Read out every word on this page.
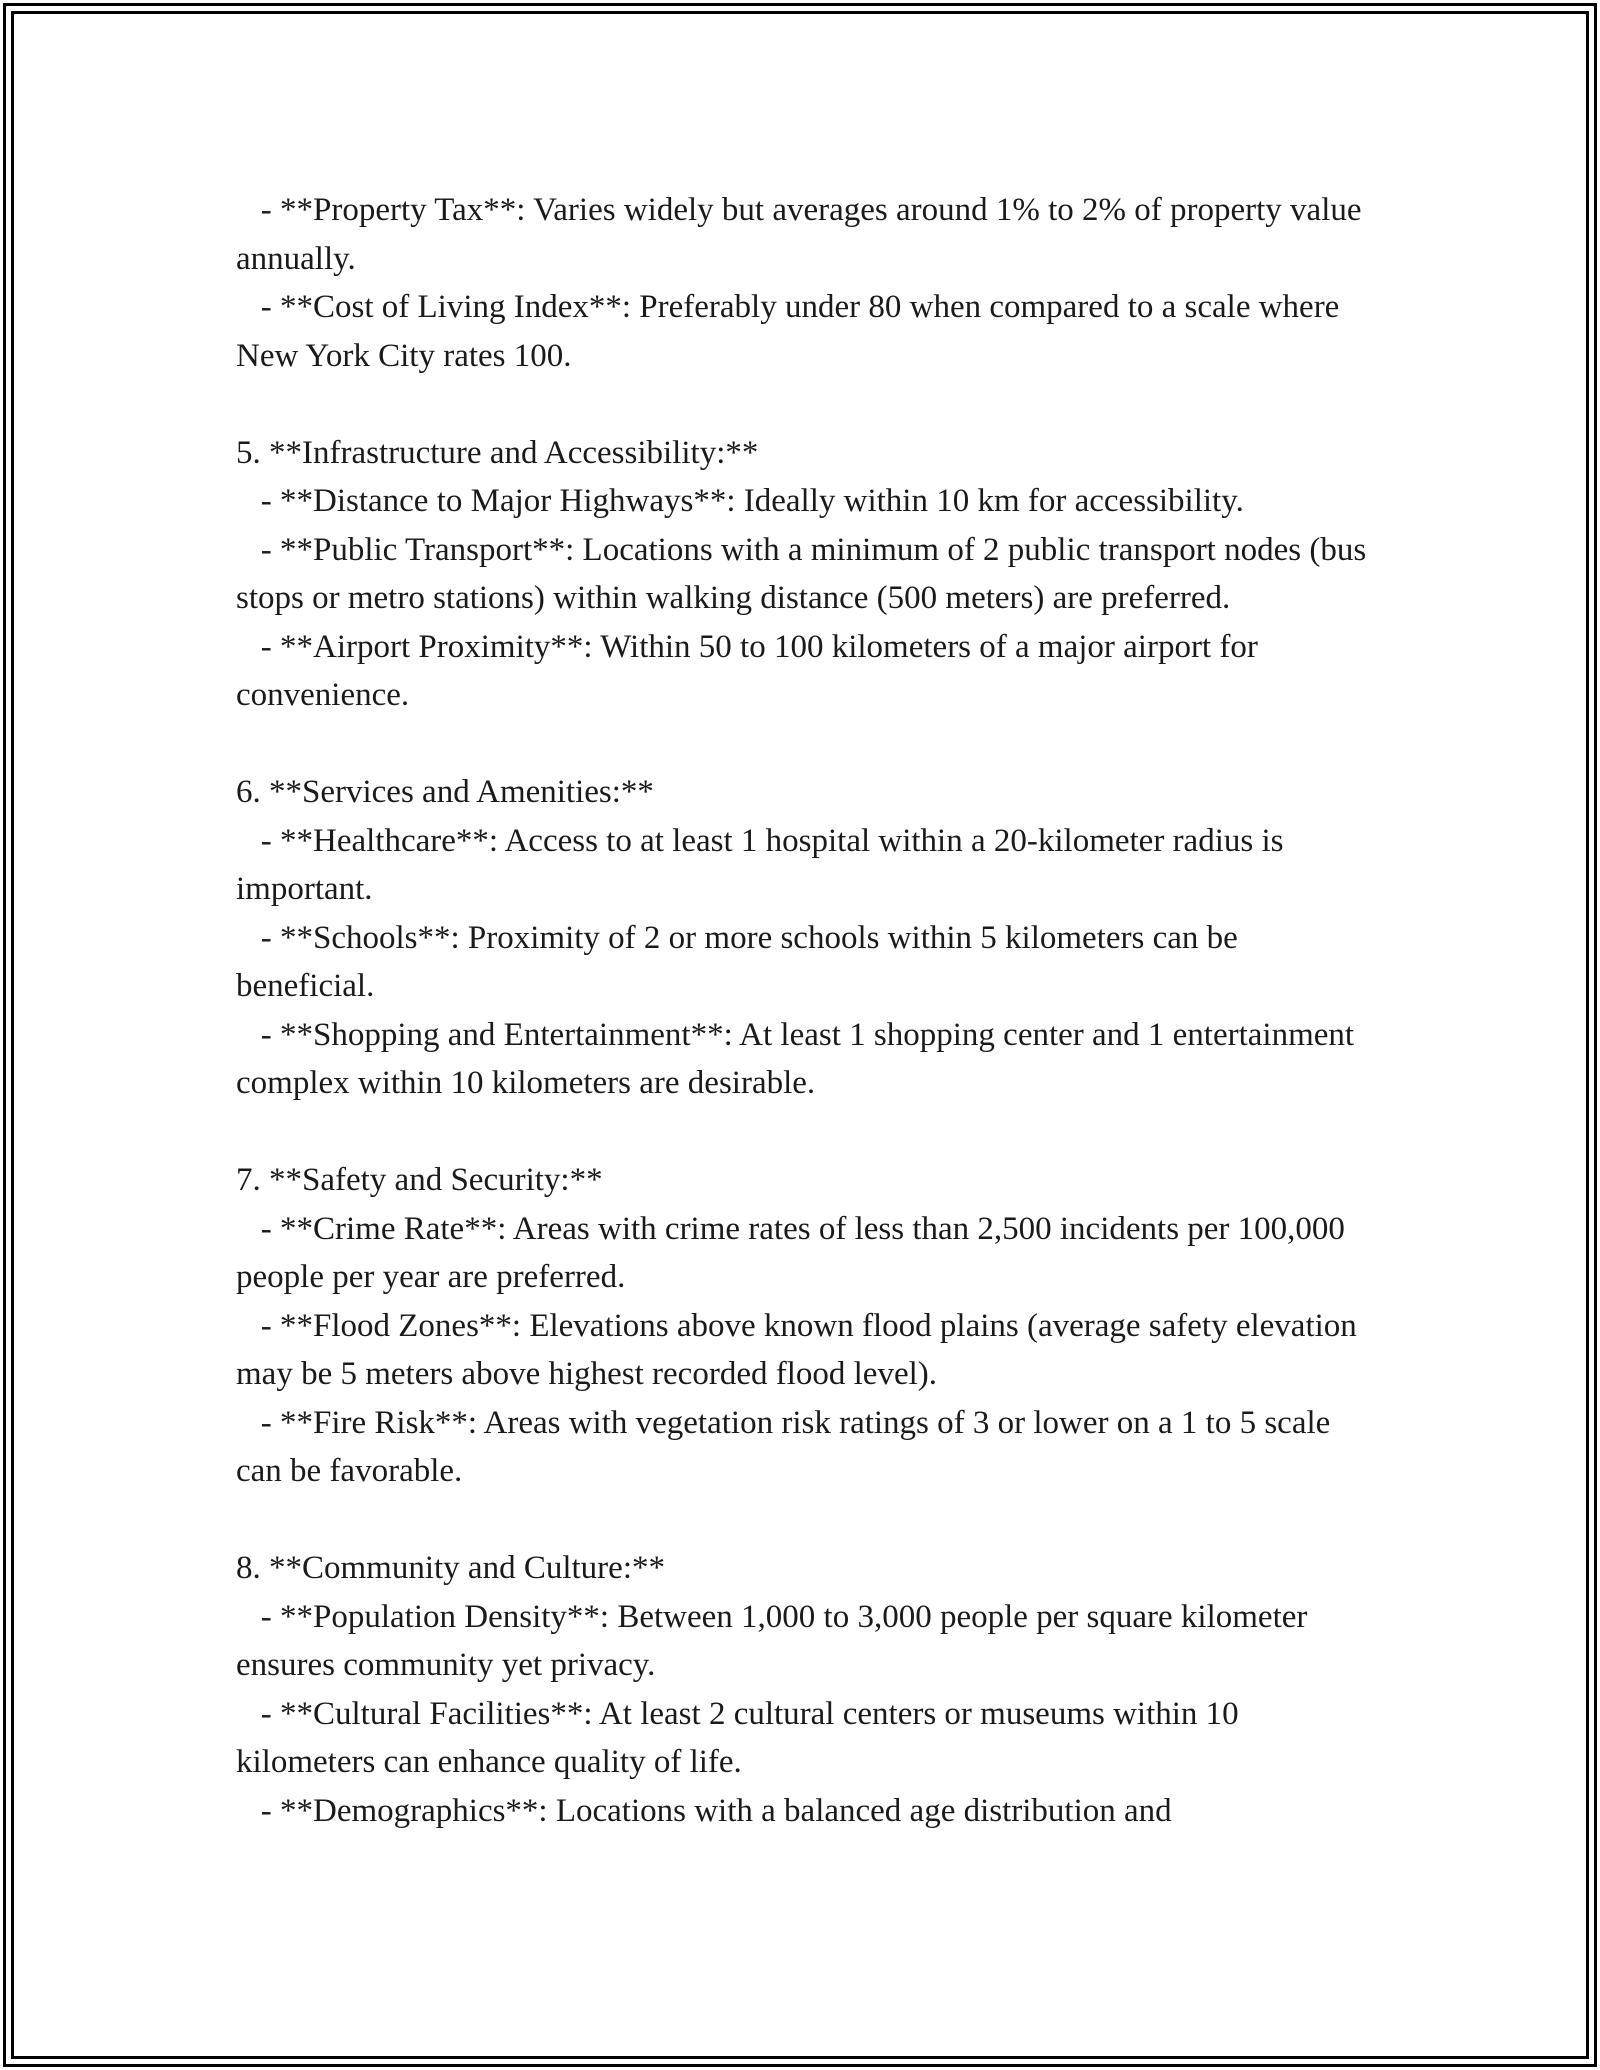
- **Property Tax**: Varies widely but averages around 1% to 2% of property value annually.

- **Cost of Living Index**: Preferably under 80 when compared to a scale where New York City rates 100.

5. **Infrastructure and Accessibility:**

- **Distance to Major Highways**: Ideally within 10 km for accessibility.

- **Public Transport**: Locations with a minimum of 2 public transport nodes (bus stops or metro stations) within walking distance (500 meters) are preferred.

- **Airport Proximity**: Within 50 to 100 kilometers of a major airport for convenience.

6. **Services and Amenities:**

- **Healthcare**: Access to at least 1 hospital within a 20-kilometer radius is important.

- **Schools**: Proximity of 2 or more schools within 5 kilometers can be beneficial.

- **Shopping and Entertainment**: At least 1 shopping center and 1 entertainment complex within 10 kilometers are desirable.

7. **Safety and Security:**

- **Crime Rate**: Areas with crime rates of less than 2,500 incidents per 100,000 people per year are preferred.

- **Flood Zones**: Elevations above known flood plains (average safety elevation may be 5 meters above highest recorded flood level).

- **Fire Risk**: Areas with vegetation risk ratings of 3 or lower on a 1 to 5 scale can be favorable.

8. **Community and Culture:**

- **Population Density**: Between 1,000 to 3,000 people per square kilometer ensures community yet privacy.

- **Cultural Facilities**: At least 2 cultural centers or museums within 10 kilometers can enhance quality of life.

- **Demographics**: Locations with a balanced age distribution and
